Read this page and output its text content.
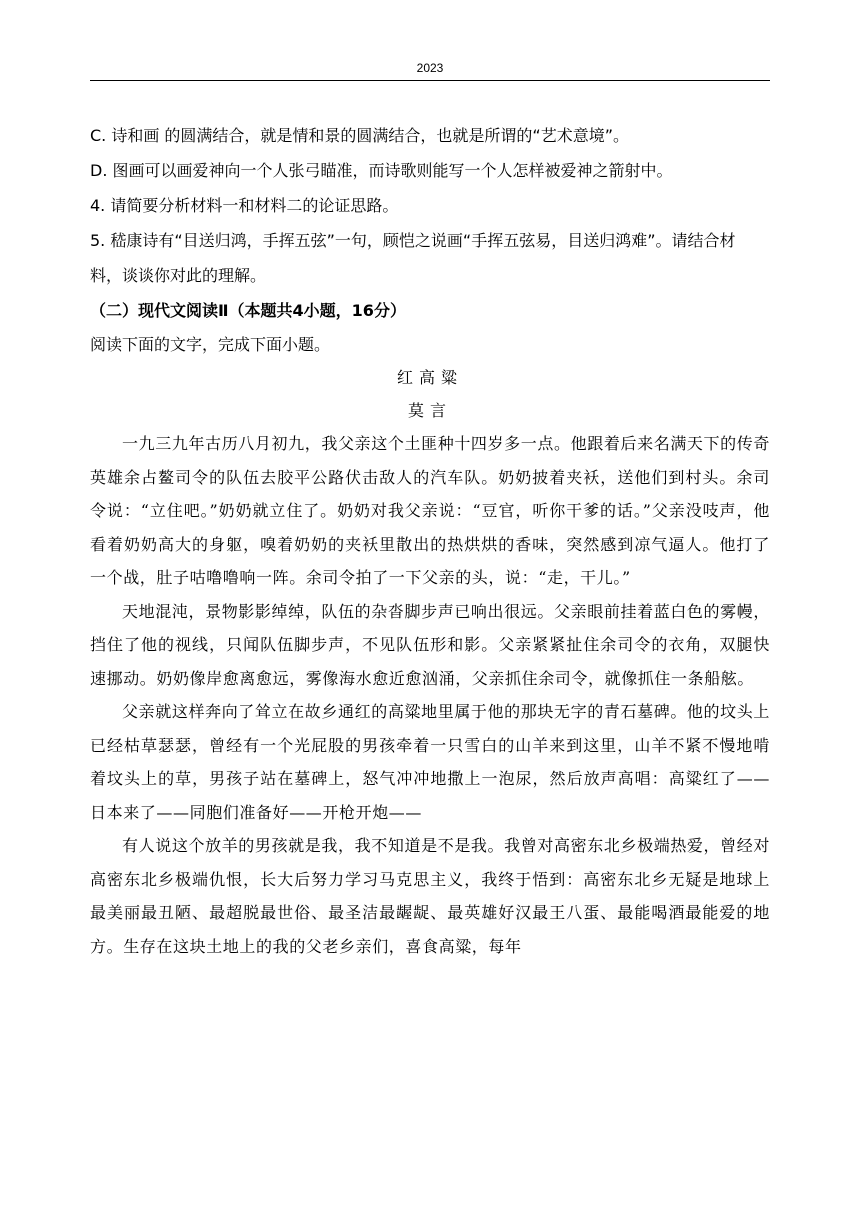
2023

C. 诗和画 的圆满结合，就是情和景的圆满结合，也就是所谓的“艺术意境”。

D. 图画可以画爱神向一个人张弓瞄准，而诗歌则能写一个人怎样被爱神之箭射中。

4. 请简要分析材料一和材料二的论证思路。

5. 嵇康诗有“目送归鸿，手挥五弦”一句，顾恺之说画“手挥五弦易，目送归鸿难”。请结合材料，谈谈你对此的理解。

（二）现代文阅读Ⅱ（本题共4小题，16分）

阅读下面的文字，完成下面小题。

红高粱

莫言

一九三九年古历八月初九，我父亲这个土匪种十四岁多一点。他跟着后来名满天下的传奇英雄余占鳌司令的队伍去胶平公路伏击敌人的汽车队。奶奶披着夹袄，送他们到村头。余司令说：“立住吧。”奶奶就立住了。奶奶对我父亲说：“豆官，听你干爹的话。”父亲没吱声，他看着奶奶高大的身躯，嗅着奶奶的夹袄里散出的热烘烘的香味，突然感到凉气逼人。他打了一个战，肚子咕噜噜响一阵。余司令拍了一下父亲的头，说：“走，干儿。”

天地混沌，景物影影绰绰，队伍的杂沓脚步声已响出很远。父亲眼前挂着蓝白色的雾幔，挡住了他的视线，只闻队伍脚步声，不见队伍形和影。父亲紧紧扯住余司令的衣角，双腿快速挪动。奶奶像岸愈离愈远，雾像海水愈近愈汹涌，父亲抓住余司令，就像抓住一条船舷。

父亲就这样奔向了耸立在故乡通红的高粱地里属于他的那块无字的青石墓碑。他的坟头上已经枯草瑟瑟，曾经有一个光屁股的男孩牵着一只雪白的山羊来到这里，山羊不紧不慢地啃着坟头上的草，男孩子站在墓碑上，怒气冲冲地撒上一泡尿，然后放声高唱：高粱红了——日本来了——同胞们准备好——开枪开炮——

有人说这个放羊的男孩就是我，我不知道是不是我。我曾对高密东北乡极端热爱，曾经对高密东北乡极端仇恨，长大后努力学习马克思主义，我终于悟到：高密东北乡无疑是地球上最美丽最丑陋、最超脱最世俗、最圣洁最龌龊、最英雄好汉最王八蛋、最能喝酒最能爱的地方。生存在这块土地上的我的父老乡亲们，喜食高粱，每年
